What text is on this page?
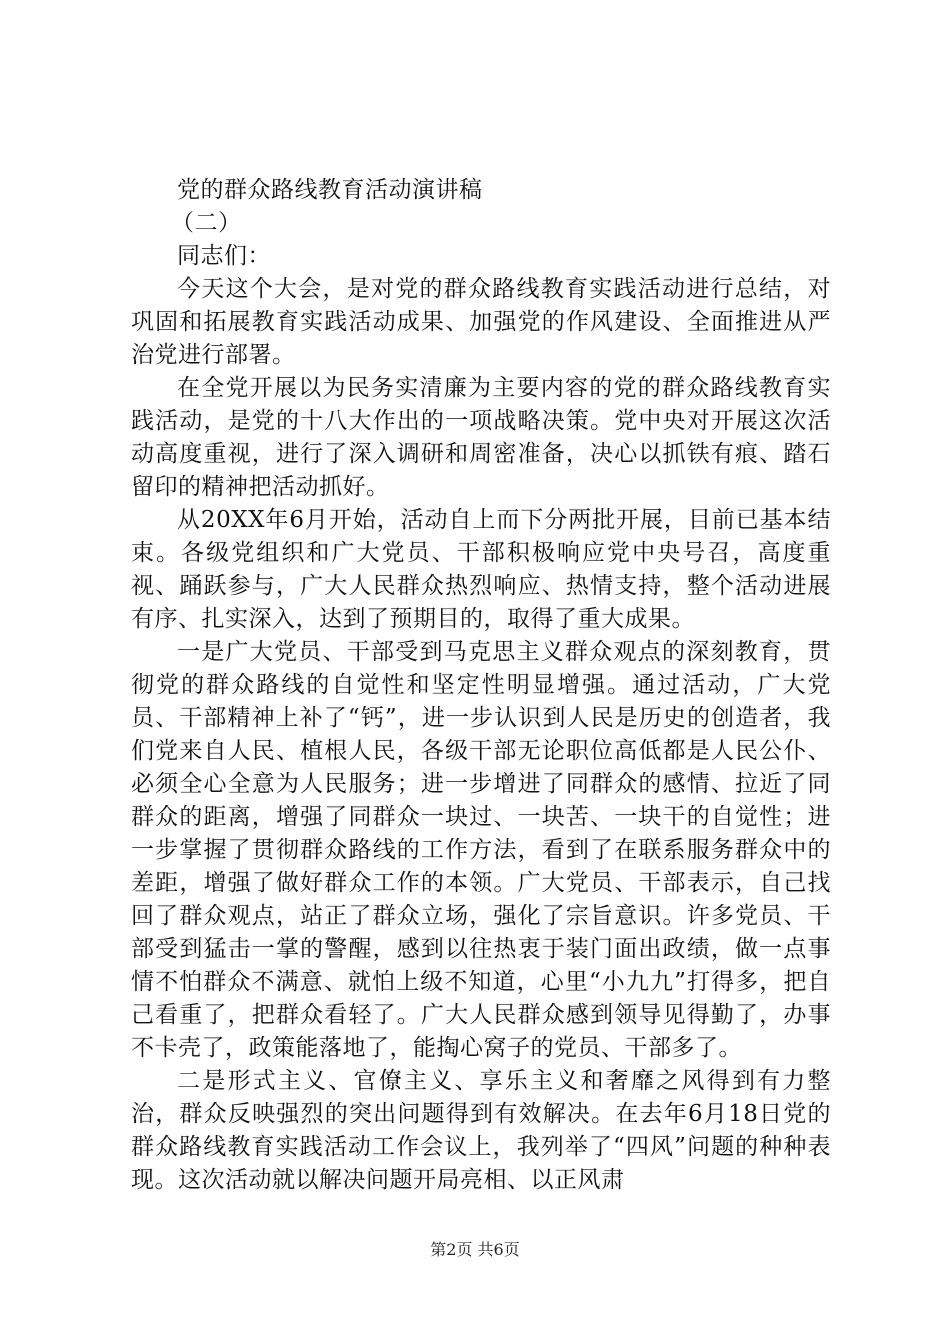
党的群众路线教育活动演讲稿

（二）

同志们：

今天这个大会，是对党的群众路线教育实践活动进行总结，对巩固和拓展教育实践活动成果、加强党的作风建设、全面推进从严治党进行部署。

在全党开展以为民务实清廉为主要内容的党的群众路线教育实践活动，是党的十八大作出的一项战略决策。党中央对开展这次活动高度重视，进行了深入调研和周密准备，决心以抓铁有痕、踏石留印的精神把活动抓好。

从20XX年6月开始，活动自上而下分两批开展，目前已基本结束。各级党组织和广大党员、干部积极响应党中央号召，高度重视、踊跃参与，广大人民群众热烈响应、热情支持，整个活动进展有序、扎实深入，达到了预期目的，取得了重大成果。

一是广大党员、干部受到马克思主义群众观点的深刻教育，贯彻党的群众路线的自觉性和坚定性明显增强。通过活动，广大党员、干部精神上补了“钙”，进一步认识到人民是历史的创造者，我们党来自人民、植根人民，各级干部无论职位高低都是人民公仆、必须全心全意为人民服务；进一步增进了同群众的感情、拉近了同群众的距离，增强了同群众一块过、一块苦、一块干的自觉性；进一步掌握了贯彻群众路线的工作方法，看到了在联系服务群众中的差距，增强了做好群众工作的本领。广大党员、干部表示，自己找回了群众观点，站正了群众立场，强化了宗旨意识。许多党员、干部受到猛击一掌的警醒，感到以往热衷于装门面出政绩，做一点事情不怕群众不满意、就怕上级不知道，心里“小九九”打得多，把自己看重了，把群众看轻了。广大人民群众感到领导见得勤了，办事不卡壳了，政策能落地了，能掏心窝子的党员、干部多了。

二是形式主义、官僚主义、享乐主义和奢靡之风得到有力整治，群众反映强烈的突出问题得到有效解决。在去年6月18日党的群众路线教育实践活动工作会议上，我列举了“四风”问题的种种表现。这次活动就以解决问题开局亮相、以正风肃

第2页 共6页
